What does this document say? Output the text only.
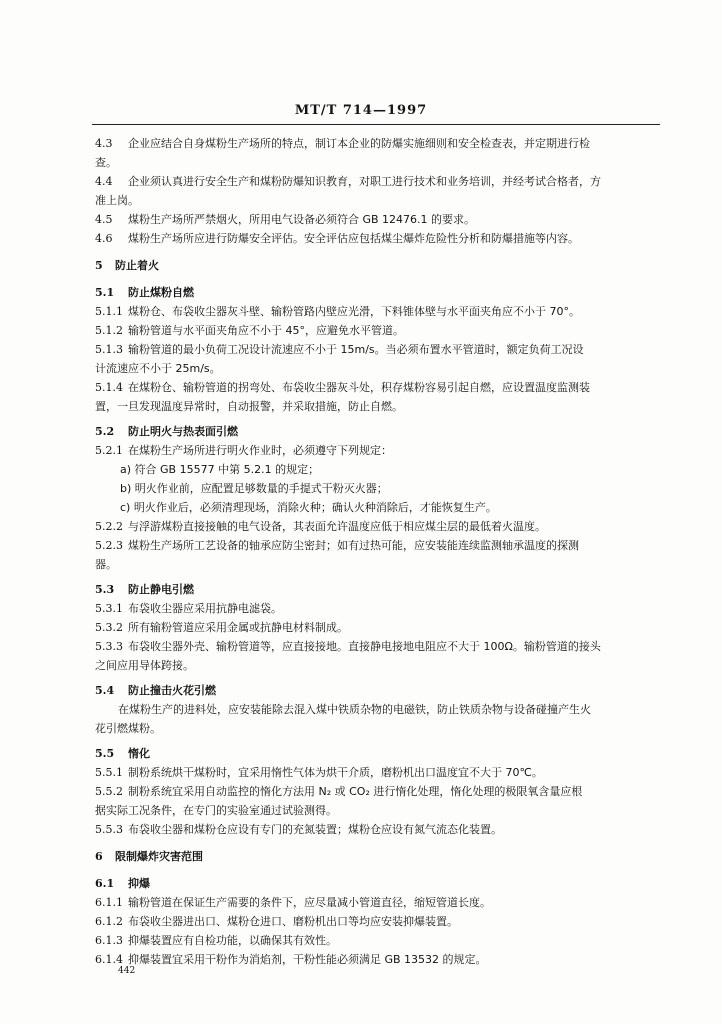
MT/T 714—1997
4.3 企业应结合自身煤粉生产场所的特点，制订本企业的防爆实施细则和安全检查表，并定期进行检
查。
4.4 企业须认真进行安全生产和煤粉防爆知识教育，对职工进行技术和业务培训，并经考试合格者，方
准上岗。
4.5 煤粉生产场所严禁烟火，所用电气设备必须符合 GB 12476.1 的要求。
4.6 煤粉生产场所应进行防爆安全评估。安全评估应包括煤尘爆炸危险性分析和防爆措施等内容。
5 防止着火
5.1 防止煤粉自燃
5.1.1 煤粉仓、布袋收尘器灰斗壁、输粉管路内壁应光滑，下料锥体壁与水平面夹角应不小于 70°。
5.1.2 输粉管道与水平面夹角应不小于 45°，应避免水平管道。
5.1.3 输粉管道的最小负荷工况设计流速应不小于 15m/s。当必须布置水平管道时，额定负荷工况设
计流速应不小于 25m/s。
5.1.4 在煤粉仓、输粉管道的拐弯处、布袋收尘器灰斗处，积存煤粉容易引起自燃，应设置温度监测装
置，一旦发现温度异常时，自动报警，并采取措施，防止自燃。
5.2 防止明火与热表面引燃
5.2.1 在煤粉生产场所进行明火作业时，必须遵守下列规定：
a) 符合 GB 15577 中第 5.2.1 的规定；
b) 明火作业前，应配置足够数量的手提式干粉灭火器；
c) 明火作业后，必须清理现场，消除火种；确认火种消除后，才能恢复生产。
5.2.2 与浮游煤粉直接接触的电气设备，其表面允许温度应低于相应煤尘层的最低着火温度。
5.2.3 煤粉生产场所工艺设备的轴承应防尘密封；如有过热可能，应安装能连续监测轴承温度的探测
器。
5.3 防止静电引燃
5.3.1 布袋收尘器应采用抗静电滤袋。
5.3.2 所有输粉管道应采用金属或抗静电材料制成。
5.3.3 布袋收尘器外壳、输粉管道等，应直接接地。直接静电接地电阻应不大于 100Ω。输粉管道的接头
之间应用导体跨接。
5.4 防止撞击火花引燃
在煤粉生产的进料处，应安装能除去混入煤中铁质杂物的电磁铁，防止铁质杂物与设备碰撞产生火
花引燃煤粉。
5.5 惰化
5.5.1 制粉系统烘干煤粉时，宜采用惰性气体为烘干介质，磨粉机出口温度宜不大于 70℃。
5.5.2 制粉系统宜采用自动监控的惰化方法用 N₂ 或 CO₂ 进行惰化处理，惰化处理的极限氧含量应根
据实际工况条件，在专门的实验室通过试验测得。
5.5.3 布袋收尘器和煤粉仓应设有专门的充氮装置；煤粉仓应设有氮气流态化装置。
6 限制爆炸灾害范围
6.1 抑爆
6.1.1 输粉管道在保证生产需要的条件下，应尽量减小管道直径，缩短管道长度。
6.1.2 布袋收尘器进出口、煤粉仓进口、磨粉机出口等均应安装抑爆装置。
6.1.3 抑爆装置应有自检功能，以确保其有效性。
6.1.4 抑爆装置宜采用干粉作为消焰剂，干粉性能必须满足 GB 13532 的规定。
442
